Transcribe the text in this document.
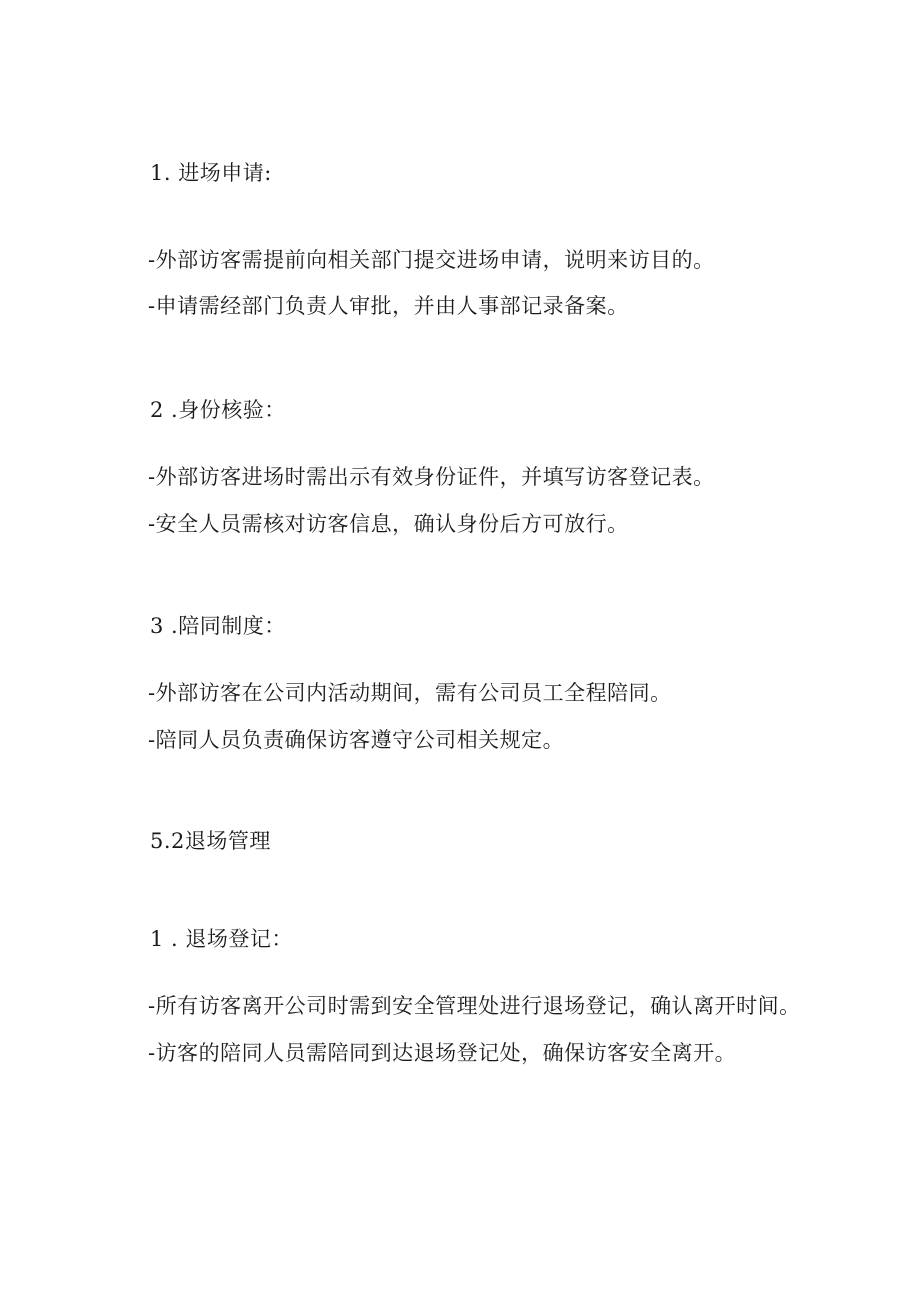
1. 进场申请:
-外部访客需提前向相关部门提交进场申请，说明来访目的。
-申请需经部门负责人审批，并由人事部记录备案。
2 .身份核验：
-外部访客进场时需出示有效身份证件，并填写访客登记表。
-安全人员需核对访客信息，确认身份后方可放行。
3 .陪同制度：
-外部访客在公司内活动期间，需有公司员工全程陪同。
-陪同人员负责确保访客遵守公司相关规定。
5.2退场管理
1 . 退场登记：
-所有访客离开公司时需到安全管理处进行退场登记，确认离开时间。
-访客的陪同人员需陪同到达退场登记处，确保访客安全离开。
